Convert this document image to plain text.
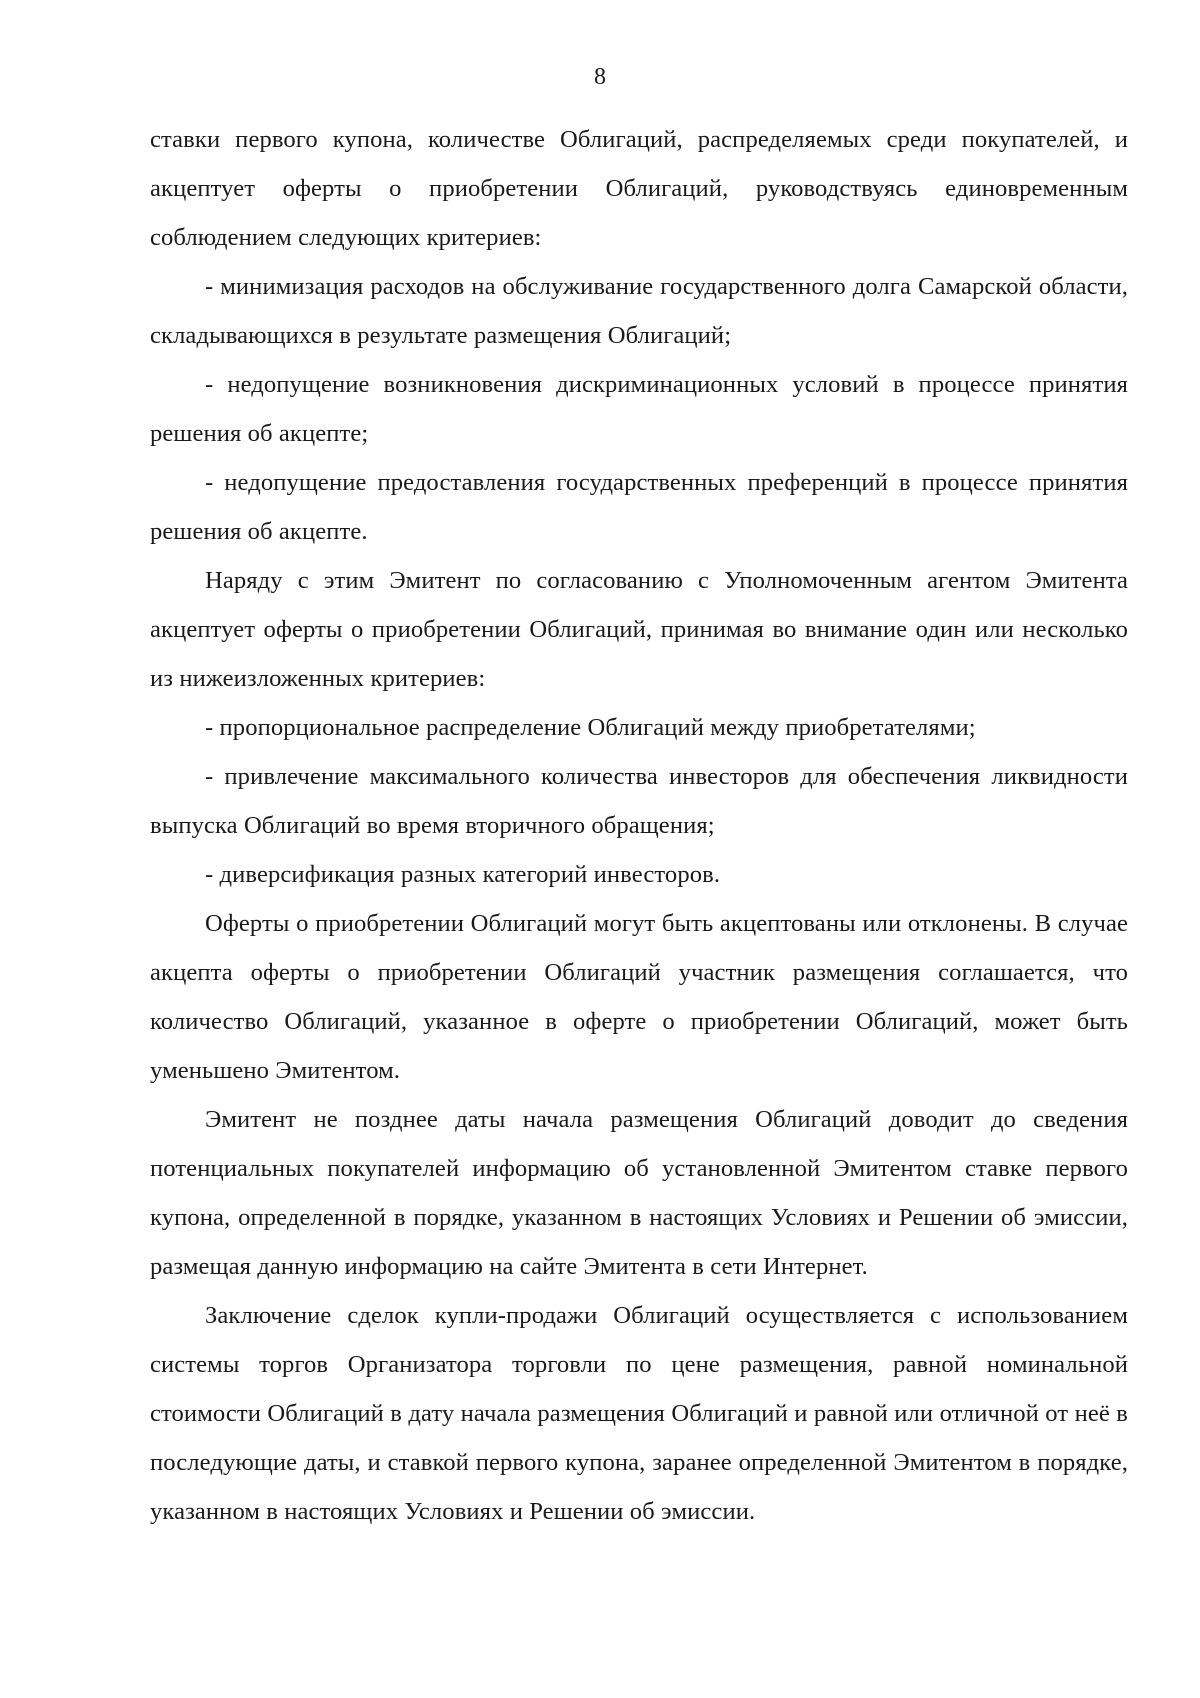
8

ставки первого купона, количестве Облигаций, распределяемых среди покупателей, и акцептует оферты о приобретении Облигаций, руководствуясь единовременным соблюдением следующих критериев:

- минимизация расходов на обслуживание государственного долга Самарской области, складывающихся в результате размещения Облигаций;

- недопущение возникновения дискриминационных условий в процессе принятия решения об акцепте;

- недопущение предоставления государственных преференций в процессе принятия решения об акцепте.

Наряду с этим Эмитент по согласованию с Уполномоченным агентом Эмитента акцептует оферты о приобретении Облигаций, принимая во внимание один или несколько из нижеизложенных критериев:

- пропорциональное распределение Облигаций между приобретателями;

- привлечение максимального количества инвесторов для обеспечения ликвидности выпуска Облигаций во время вторичного обращения;

- диверсификация разных категорий инвесторов.

Оферты о приобретении Облигаций могут быть акцептованы или отклонены. В случае акцепта оферты о приобретении Облигаций участник размещения соглашается, что количество Облигаций, указанное в оферте о приобретении Облигаций, может быть уменьшено Эмитентом.

Эмитент не позднее даты начала размещения Облигаций доводит до сведения потенциальных покупателей информацию об установленной Эмитентом ставке первого купона, определенной в порядке, указанном в настоящих Условиях и Решении об эмиссии, размещая данную информацию на сайте Эмитента в сети Интернет.

Заключение сделок купли-продажи Облигаций осуществляется с использованием системы торгов Организатора торговли по цене размещения, равной номинальной стоимости Облигаций в дату начала размещения Облигаций и равной или отличной от неё в последующие даты, и ставкой первого купона, заранее определенной Эмитентом в порядке, указанном в настоящих Условиях и Решении об эмиссии.
